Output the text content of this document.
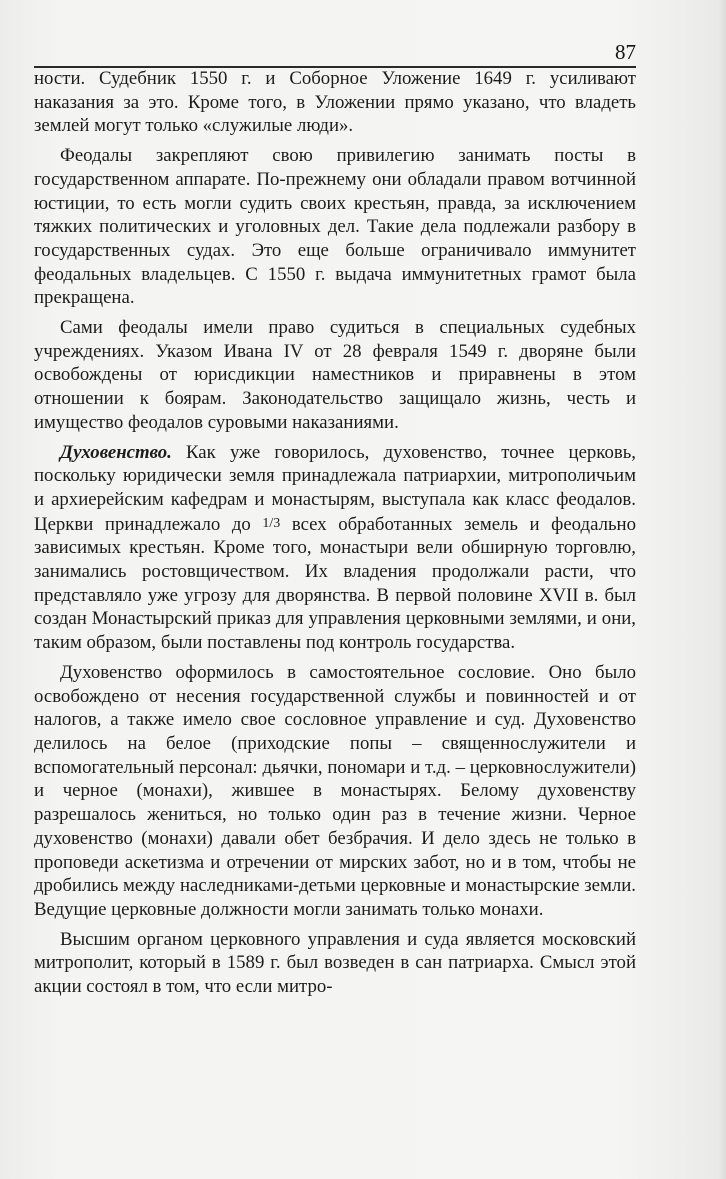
87

ности. Судебник 1550 г. и Соборное Уложение 1649 г. усиливают наказания за это. Кроме того, в Уложении прямо указано, что владеть землей могут только «служилые люди».

Феодалы закрепляют свою привилегию занимать посты в государственном аппарате. По-прежнему они обладали правом вотчинной юстиции, то есть могли судить своих крестьян, правда, за исключением тяжких политических и уголовных дел. Такие дела подлежали разбору в государственных судах. Это еще больше ограничивало иммунитет феодальных владельцев. С 1550 г. выдача иммунитетных грамот была прекращена.

Сами феодалы имели право судиться в специальных судебных учреждениях. Указом Ивана IV от 28 февраля 1549 г. дворяне были освобождены от юрисдикции наместников и приравнены в этом отношении к боярам. Законодательство защищало жизнь, честь и имущество феодалов суровыми наказаниями.

Духовенство. Как уже говорилось, духовенство, точнее церковь, поскольку юридически земля принадлежала патриархии, митрополичьим и архиерейским кафедрам и монастырям, выступала как класс феодалов. Церкви принадлежало до 1/3 всех обработанных земель и феодально зависимых крестьян. Кроме того, монастыри вели обширную торговлю, занимались ростовщичеством. Их владения продолжали расти, что представляло уже угрозу для дворянства. В первой половине XVII в. был создан Монастырский приказ для управления церковными землями, и они, таким образом, были поставлены под контроль государства.

Духовенство оформилось в самостоятельное сословие. Оно было освобождено от несения государственной службы и повинностей и от налогов, а также имело свое сословное управление и суд. Духовенство делилось на белое (приходские попы – священнослужители и вспомогательный персонал: дьячки, пономари и т.д. – церковнослужители) и черное (монахи), жившее в монастырях. Белому духовенству разрешалось жениться, но только один раз в течение жизни. Черное духовенство (монахи) давали обет безбрачия. И дело здесь не только в проповеди аскетизма и отречении от мирских забот, но и в том, чтобы не дробились между наследниками-детьми церковные и монастырские земли. Ведущие церковные должности могли занимать только монахи.

Высшим органом церковного управления и суда является московский митрополит, который в 1589 г. был возведен в сан патриарха. Смысл этой акции состоял в том, что если митро-
